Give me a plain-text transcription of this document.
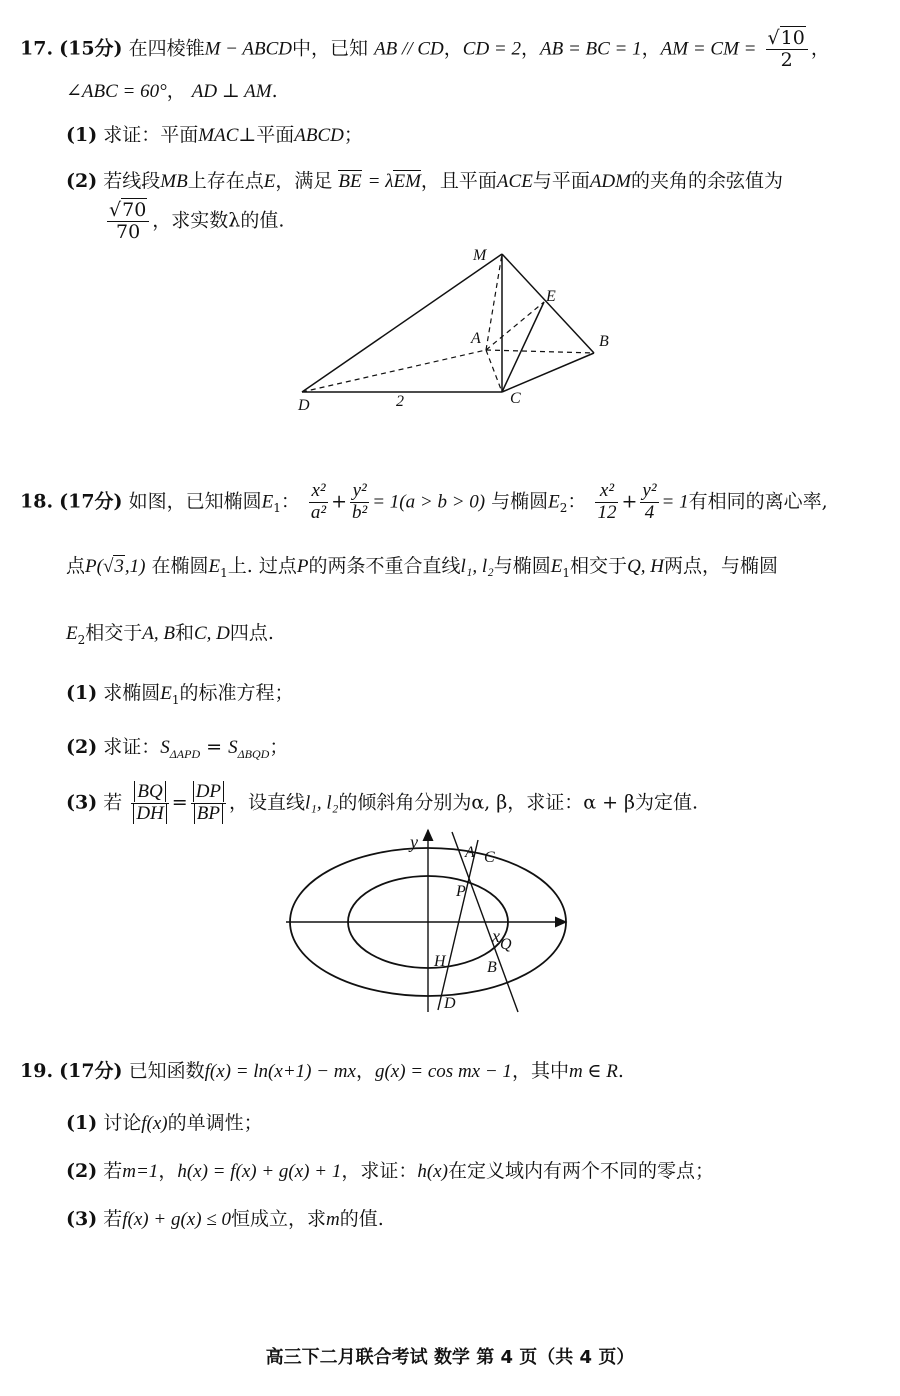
17. (15分) 在四棱锥M − ABCD中，已知 AB // CD，CD = 2，AB = BC = 1，AM = CM = $\frac{√10}{2}$ ，
∠ABC = 60°， AD ⊥ AM.
(1) 求证：平面MAC⊥平面ABCD；
(2) 若线段MB上存在点E，满足 BE = λEM，且平面ACE与平面ADM的夹角的余弦值为
$\frac{√70}{70}$ ，求实数λ的值.
M
E
A	B
D	C
2
18. (17分) 如图，已知椭圆$E_1$： $\frac{\text{x²}}{\text{a²}} + \frac{\text{y²}}{\text{b²}} = 1(a > b > 0)$ 与椭圆$E_2$： $\frac{\text{x²}}{12} + \frac{\text{y²}}{4} = 1$有相同的离心率,
点P(√3,1) 在椭圆$E_1$上. 过点P的两条不重合直线l₁, l₂与椭圆$E_1$相交于Q, H两点，与椭圆
$E_2$相交于A, B和C, D四点.
(1) 求椭圆$E_1$的标准方程；
(2) 求证：$S_{\Delta APD} = S_{\Delta BQD}$；
(3) 若 $\frac{BQ}{DH} = \frac{DP}{BP}$ ，设直线l₁, l₂的倾斜角分别为α, β，求证：α + β为定值.
x
y
A C
P
Q
H	B
D
19. (17分) 已知函数f(x) = ln(x+1) − mx，g(x) = cos mx − 1，其中m ∈ R.
(1) 讨论f(x)的单调性；
(2) 若m=1，h(x) = f(x) + g(x) + 1，求证：h(x)在定义域内有两个不同的零点；
(3) 若f(x) + g(x) ≤ 0恒成立，求m的值.
高三下二月联合考试 数学 第 4 页（共 4 页）
